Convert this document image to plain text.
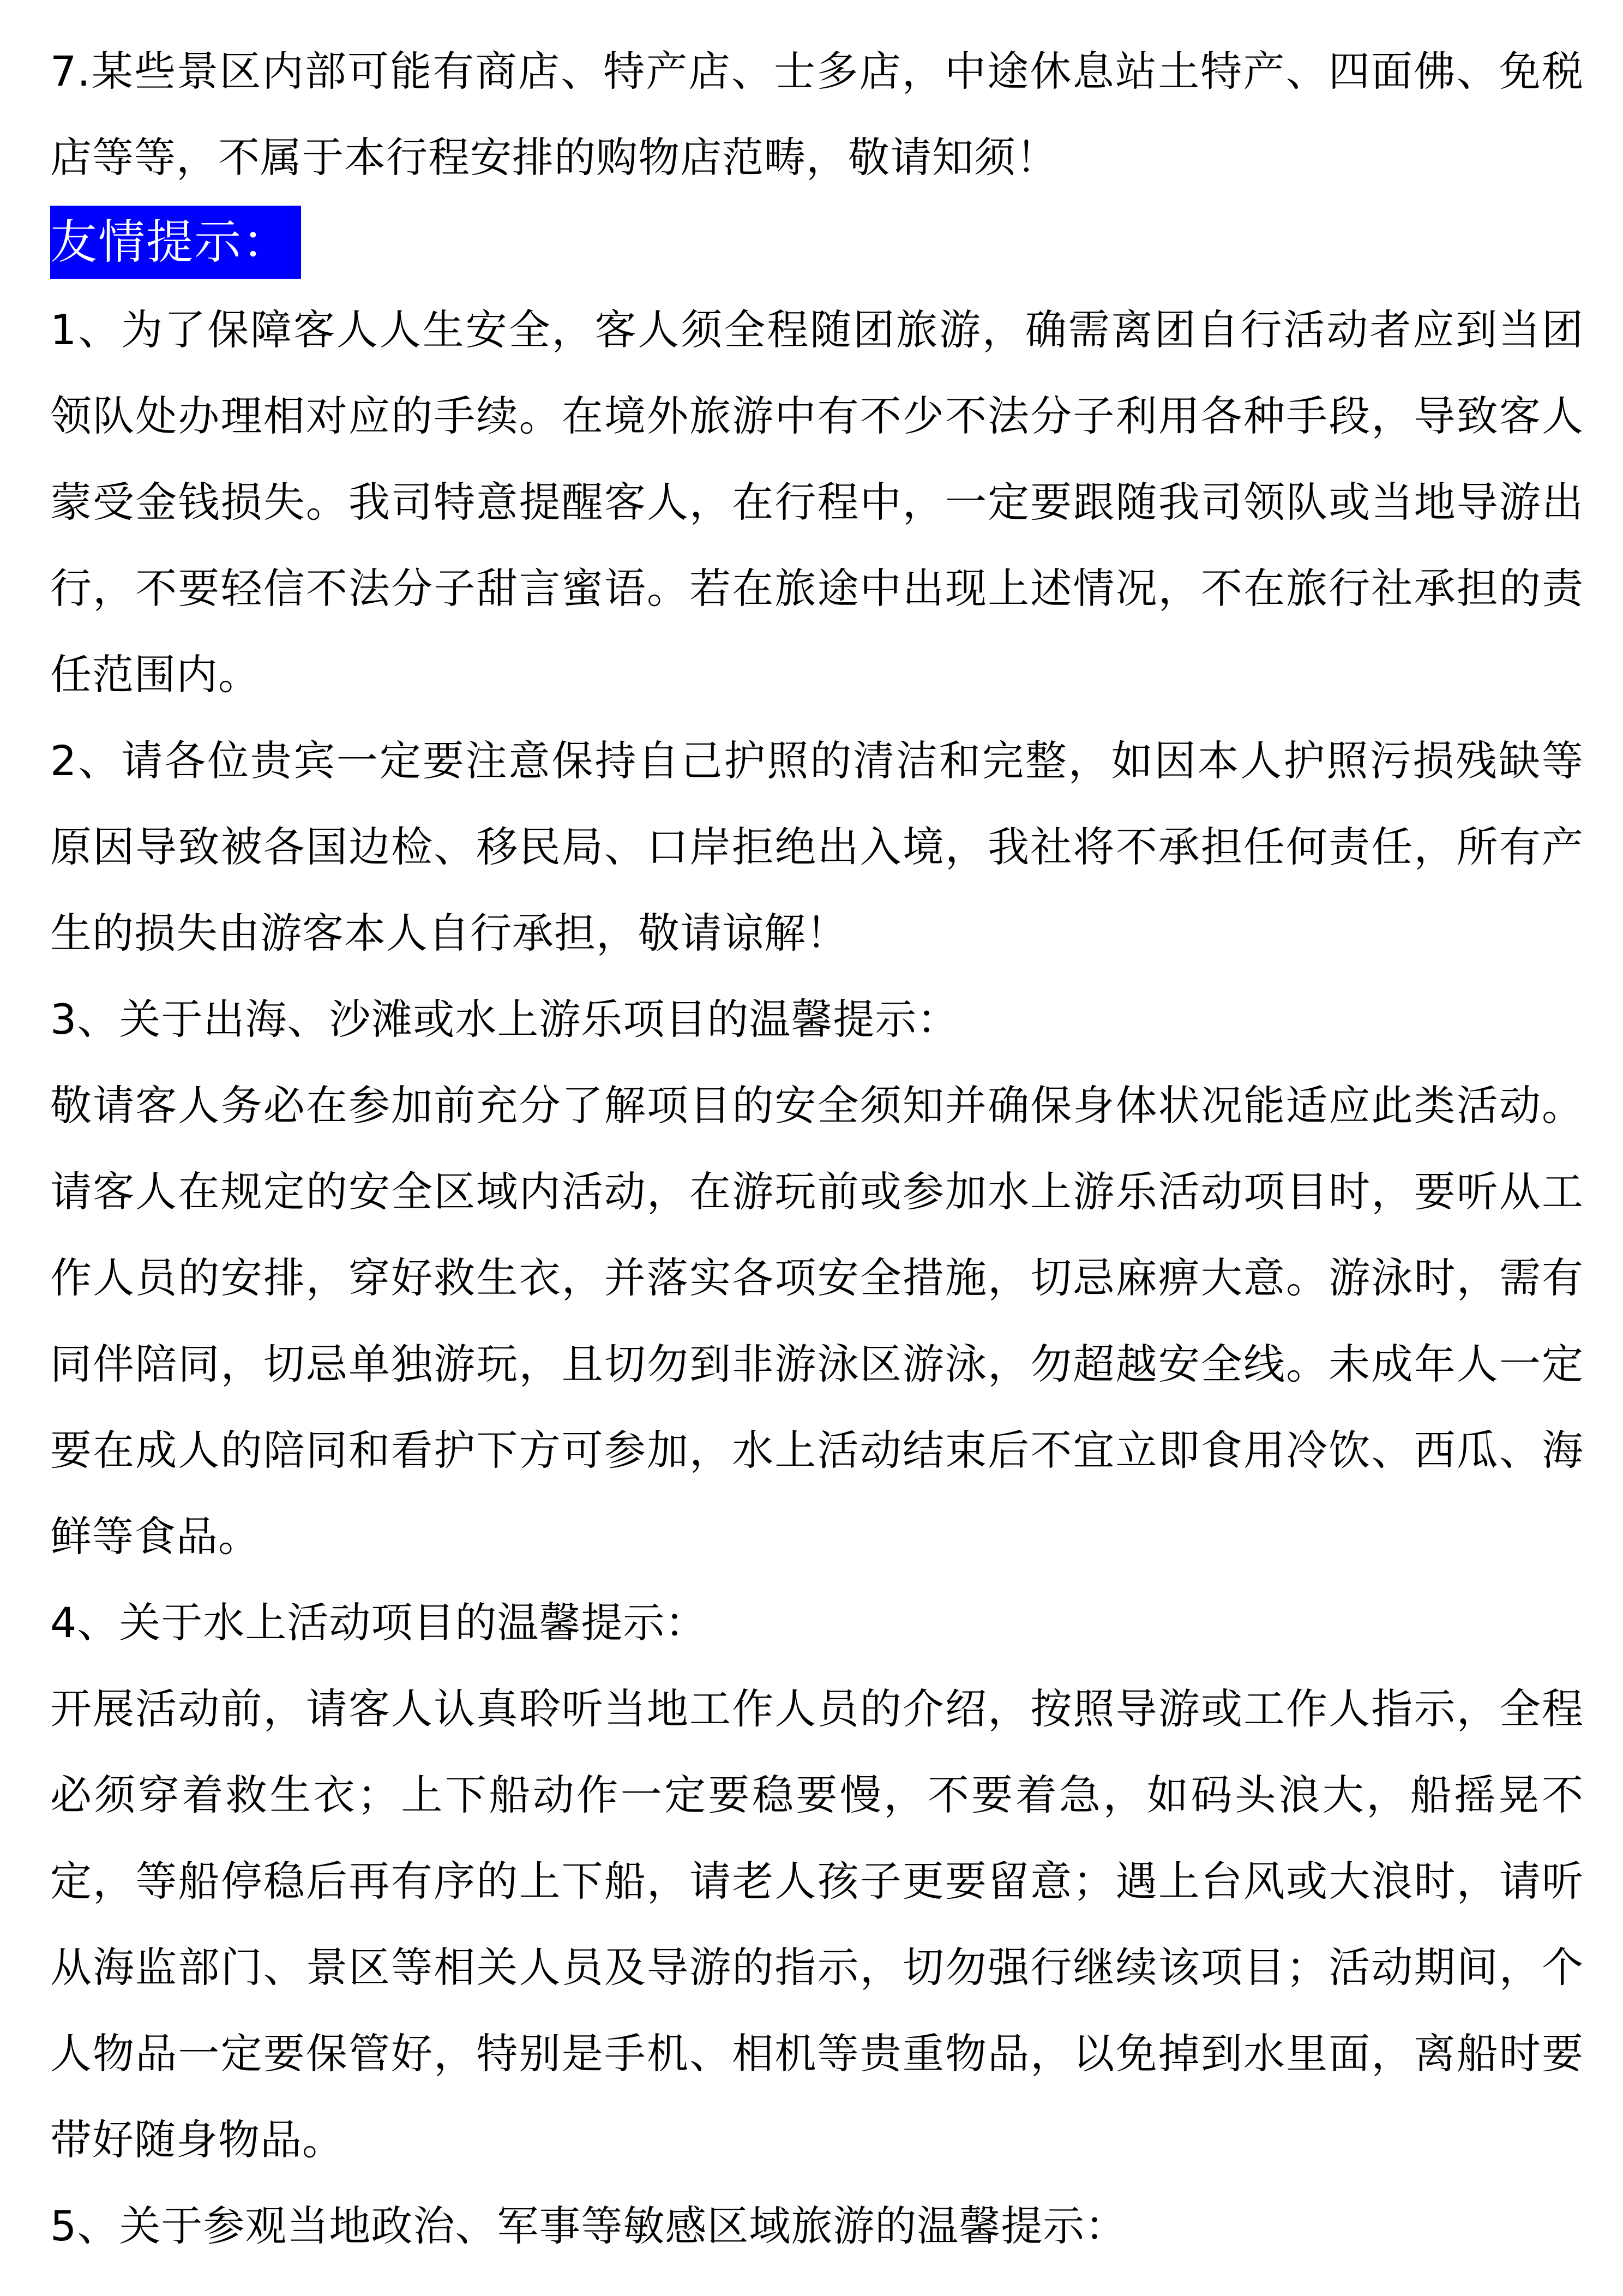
7.某些景区内部可能有商店、特产店、士多店，中途休息站土特产、四面佛、免税店等等，不属于本行程安排的购物店范畴，敬请知须！

友情提示：

1、为了保障客人人生安全，客人须全程随团旅游，确需离团自行活动者应到当团领队处办理相对应的手续。在境外旅游中有不少不法分子利用各种手段，导致客人蒙受金钱损失。我司特意提醒客人，在行程中，一定要跟随我司领队或当地导游出行，不要轻信不法分子甜言蜜语。若在旅途中出现上述情况，不在旅行社承担的责任范围内。

2、请各位贵宾一定要注意保持自己护照的清洁和完整，如因本人护照污损残缺等原因导致被各国边检、移民局、口岸拒绝出入境，我社将不承担任何责任，所有产生的损失由游客本人自行承担，敬请谅解！

3、关于出海、沙滩或水上游乐项目的温馨提示：

敬请客人务必在参加前充分了解项目的安全须知并确保身体状况能适应此类活动。请客人在规定的安全区域内活动，在游玩前或参加水上游乐活动项目时，要听从工作人员的安排，穿好救生衣，并落实各项安全措施，切忌麻痹大意。游泳时，需有同伴陪同，切忌单独游玩，且切勿到非游泳区游泳，勿超越安全线。未成年人一定要在成人的陪同和看护下方可参加，水上活动结束后不宜立即食用冷饮、西瓜、海鲜等食品。

4、关于水上活动项目的温馨提示：

开展活动前，请客人认真聆听当地工作人员的介绍，按照导游或工作人指示，全程必须穿着救生衣；上下船动作一定要稳要慢，不要着急，如码头浪大，船摇晃不定，等船停稳后再有序的上下船，请老人孩子更要留意；遇上台风或大浪时，请听从海监部门、景区等相关人员及导游的指示，切勿强行继续该项目；活动期间，个人物品一定要保管好，特别是手机、相机等贵重物品，以免掉到水里面，离船时要带好随身物品。

5、关于参观当地政治、军事等敏感区域旅游的温馨提示：
